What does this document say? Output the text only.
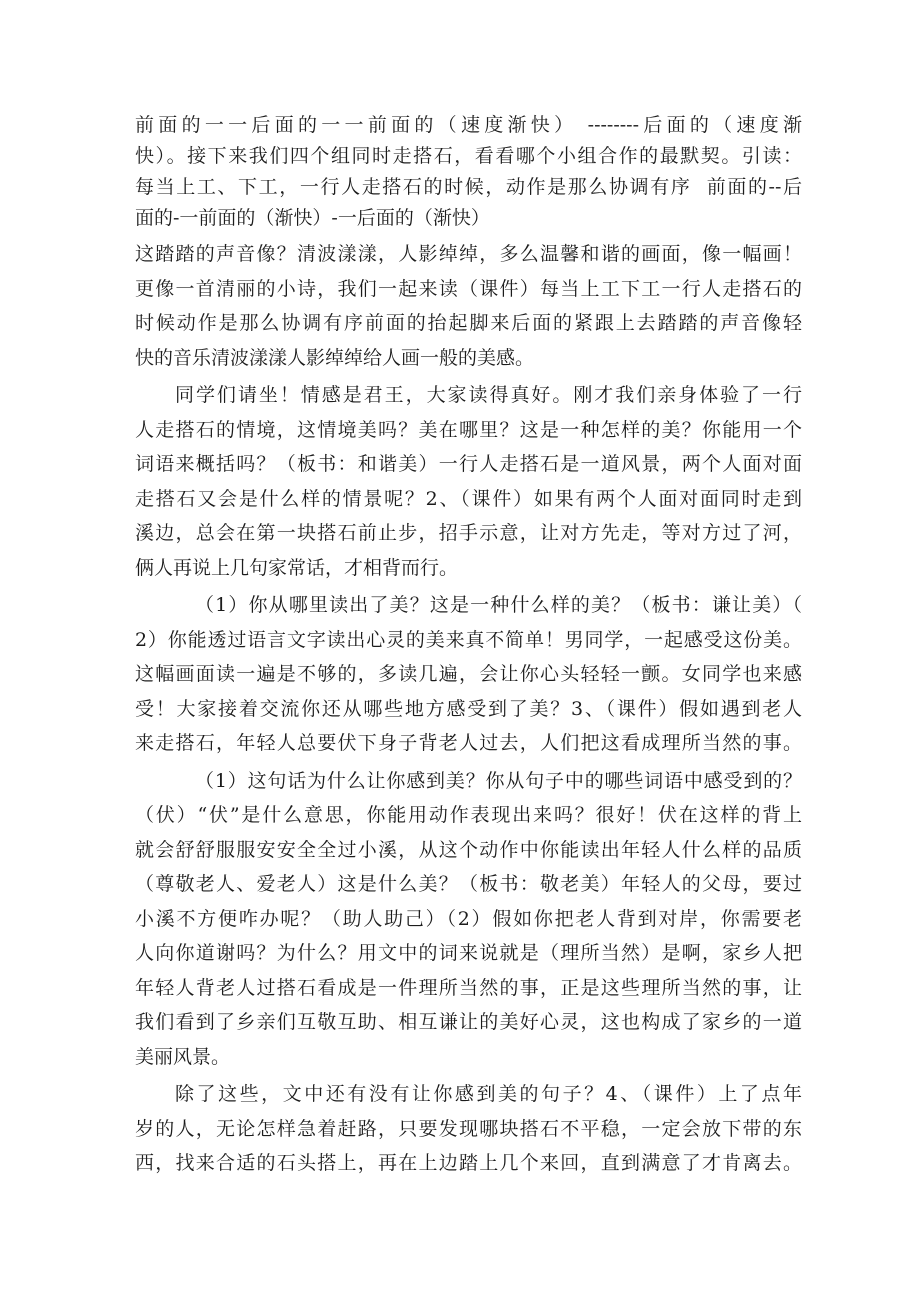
前面的一一后面的一一前面的（速度渐快） --------后面的（速度渐
快）。接下来我们四个组同时走搭石，看看哪个小组合作的最默契。引读：
每当上工、下工，一行人走搭石的时候，动作是那么协调有序  前面的--后
面的-一前面的（渐快）-一后面的（渐快）
这踏踏的声音像？清波漾漾，人影绰绰，多么温馨和谐的画面，像一幅画！
更像一首清丽的小诗，我们一起来读（课件）每当上工下工一行人走搭石的
时候动作是那么协调有序前面的抬起脚来后面的紧跟上去踏踏的声音像轻
快的音乐清波漾漾人影绰绰给人画一般的美感。
同学们请坐！情感是君王，大家读得真好。刚才我们亲身体验了一行
人走搭石的情境，这情境美吗？美在哪里？这是一种怎样的美？你能用一个
词语来概括吗？（板书：和谐美）一行人走搭石是一道风景，两个人面对面
走搭石又会是什么样的情景呢？2、（课件）如果有两个人面对面同时走到
溪边，总会在第一块搭石前止步，招手示意，让对方先走，等对方过了河，
俩人再说上几句家常话，才相背而行。
（1）你从哪里读出了美？这是一种什么样的美？（板书：谦让美）（
2）你能透过语言文字读出心灵的美来真不简单！男同学，一起感受这份美。
这幅画面读一遍是不够的，多读几遍，会让你心头轻轻一颤。女同学也来感
受！大家接着交流你还从哪些地方感受到了美？3、（课件）假如遇到老人
来走搭石，年轻人总要伏下身子背老人过去，人们把这看成理所当然的事。
（1）这句话为什么让你感到美？你从句子中的哪些词语中感受到的？
（伏）“伏”是什么意思，你能用动作表现出来吗？很好！伏在这样的背上
就会舒舒服服安安全全过小溪，从这个动作中你能读出年轻人什么样的品质
（尊敬老人、爱老人）这是什么美？（板书：敬老美）年轻人的父母，要过
小溪不方便咋办呢？（助人助己）（2）假如你把老人背到对岸，你需要老
人向你道谢吗？为什么？用文中的词来说就是（理所当然）是啊，家乡人把
年轻人背老人过搭石看成是一件理所当然的事，正是这些理所当然的事，让
我们看到了乡亲们互敬互助、相互谦让的美好心灵，这也构成了家乡的一道
美丽风景。
除了这些，文中还有没有让你感到美的句子？4、（课件）上了点年
岁的人，无论怎样急着赶路，只要发现哪块搭石不平稳，一定会放下带的东
西，找来合适的石头搭上，再在上边踏上几个来回，直到满意了才肯离去。
